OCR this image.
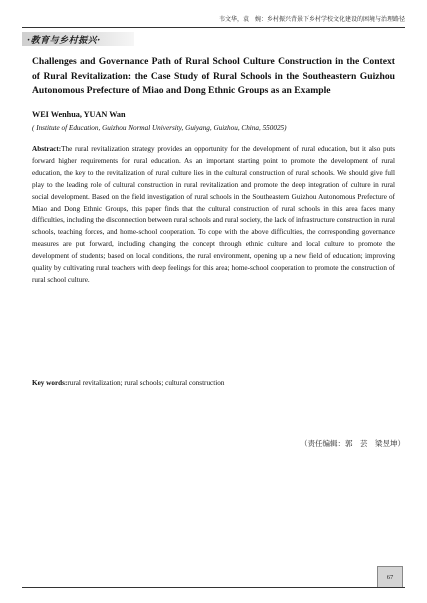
韦文华，袁　婉：乡村振兴背景下乡村学校文化建设的困境与治理路径
·教育与乡村振兴·
Challenges and Governance Path of Rural School Culture Construction in the Context of Rural Revitalization: the Case Study of Rural Schools in the Southeastern Guizhou Autonomous Prefecture of Miao and Dong Ethnic Groups as an Example
WEI Wenhua, YUAN Wan
( Institute of Education, Guizhou Normal University, Guiyang, Guizhou, China, 550025)
Abstract:The rural revitalization strategy provides an opportunity for the development of rural education, but it also puts forward higher requirements for rural education. As an important starting point to promote the development of rural education, the key to the revitalization of rural culture lies in the cultural construction of rural schools. We should give full play to the leading role of cultural construction in rural revitalization and promote the deep integration of culture in rural social development. Based on the field investigation of rural schools in the Southeastern Guizhou Autonomous Prefecture of Miao and Dong Ethnic Groups, this paper finds that the cultural construction of rural schools in this area faces many difficulties, including the disconnection between rural schools and rural society, the lack of infrastructure construction in rural schools, teaching forces, and home-school cooperation. To cope with the above difficulties, the corresponding governance measures are put forward, including changing the concept through ethnic culture and local culture to promote the development of students; based on local conditions, the rural environment, opening up a new field of education; improving quality by cultivating rural teachers with deep feelings for this area; home-school cooperation to promote the construction of rural school culture.
Key words:rural revitalization; rural schools; cultural construction
（责任编辑：郭　芸　梁昱坤）
67
